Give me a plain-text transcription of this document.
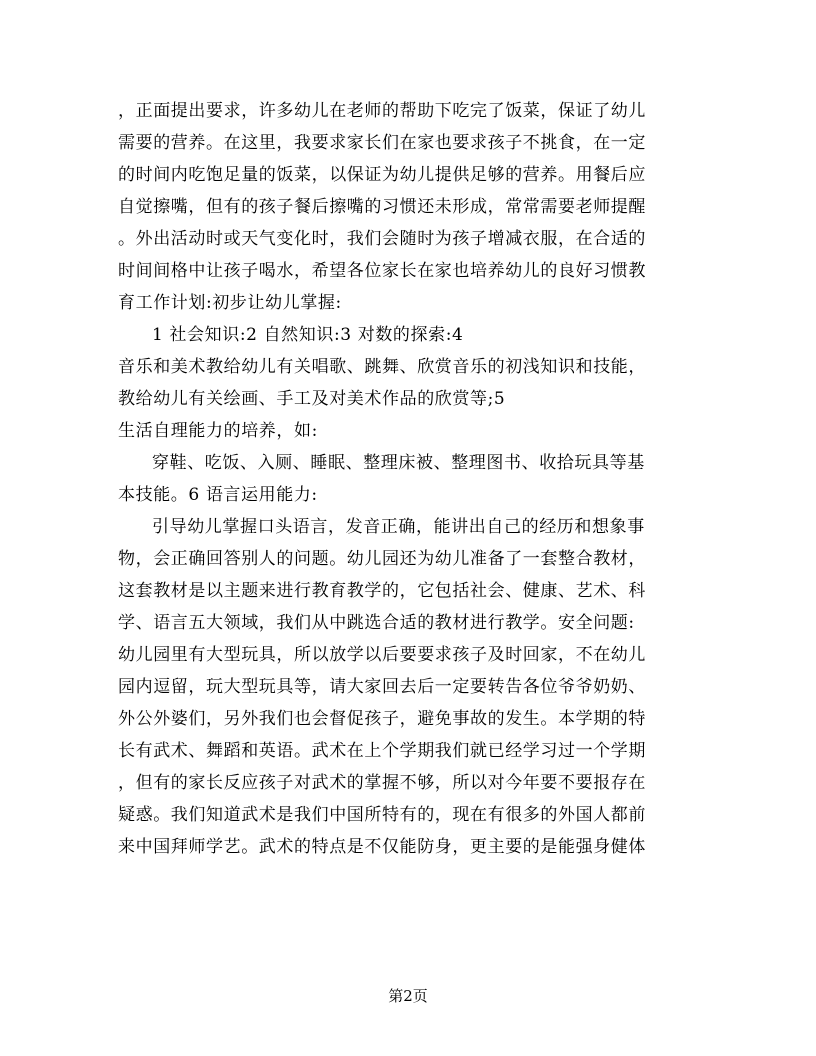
，正面提出要求，许多幼儿在老师的帮助下吃完了饭菜，保证了幼儿
需要的营养。在这里，我要求家长们在家也要求孩子不挑食，在一定
的时间内吃饱足量的饭菜，以保证为幼儿提供足够的营养。用餐后应
自觉擦嘴，但有的孩子餐后擦嘴的习惯还未形成，常常需要老师提醒
。外出活动时或天气变化时，我们会随时为孩子增减衣服，在合适的
时间间格中让孩子喝水，希望各位家长在家也培养幼儿的良好习惯教
育工作计划:初步让幼儿掌握:
1 社会知识:2 自然知识:3 对数的探索:4
音乐和美术教给幼儿有关唱歌、跳舞、欣赏音乐的初浅知识和技能，
教给幼儿有关绘画、手工及对美术作品的欣赏等;5
生活自理能力的培养，如:
穿鞋、吃饭、入厕、睡眠、整理床被、整理图书、收拾玩具等基
本技能。6 语言运用能力:
引导幼儿掌握口头语言，发音正确，能讲出自己的经历和想象事
物，会正确回答别人的问题。幼儿园还为幼儿准备了一套整合教材，
这套教材是以主题来进行教育教学的，它包括社会、健康、艺术、科
学、语言五大领域，我们从中跳选合适的教材进行教学。安全问题:
幼儿园里有大型玩具，所以放学以后要要求孩子及时回家，不在幼儿
园内逗留，玩大型玩具等，请大家回去后一定要转告各位爷爷奶奶、
外公外婆们，另外我们也会督促孩子，避免事故的发生。本学期的特
长有武术、舞蹈和英语。武术在上个学期我们就已经学习过一个学期
，但有的家长反应孩子对武术的掌握不够，所以对今年要不要报存在
疑惑。我们知道武术是我们中国所特有的，现在有很多的外国人都前
来中国拜师学艺。武术的特点是不仅能防身，更主要的是能强身健体
第2页
